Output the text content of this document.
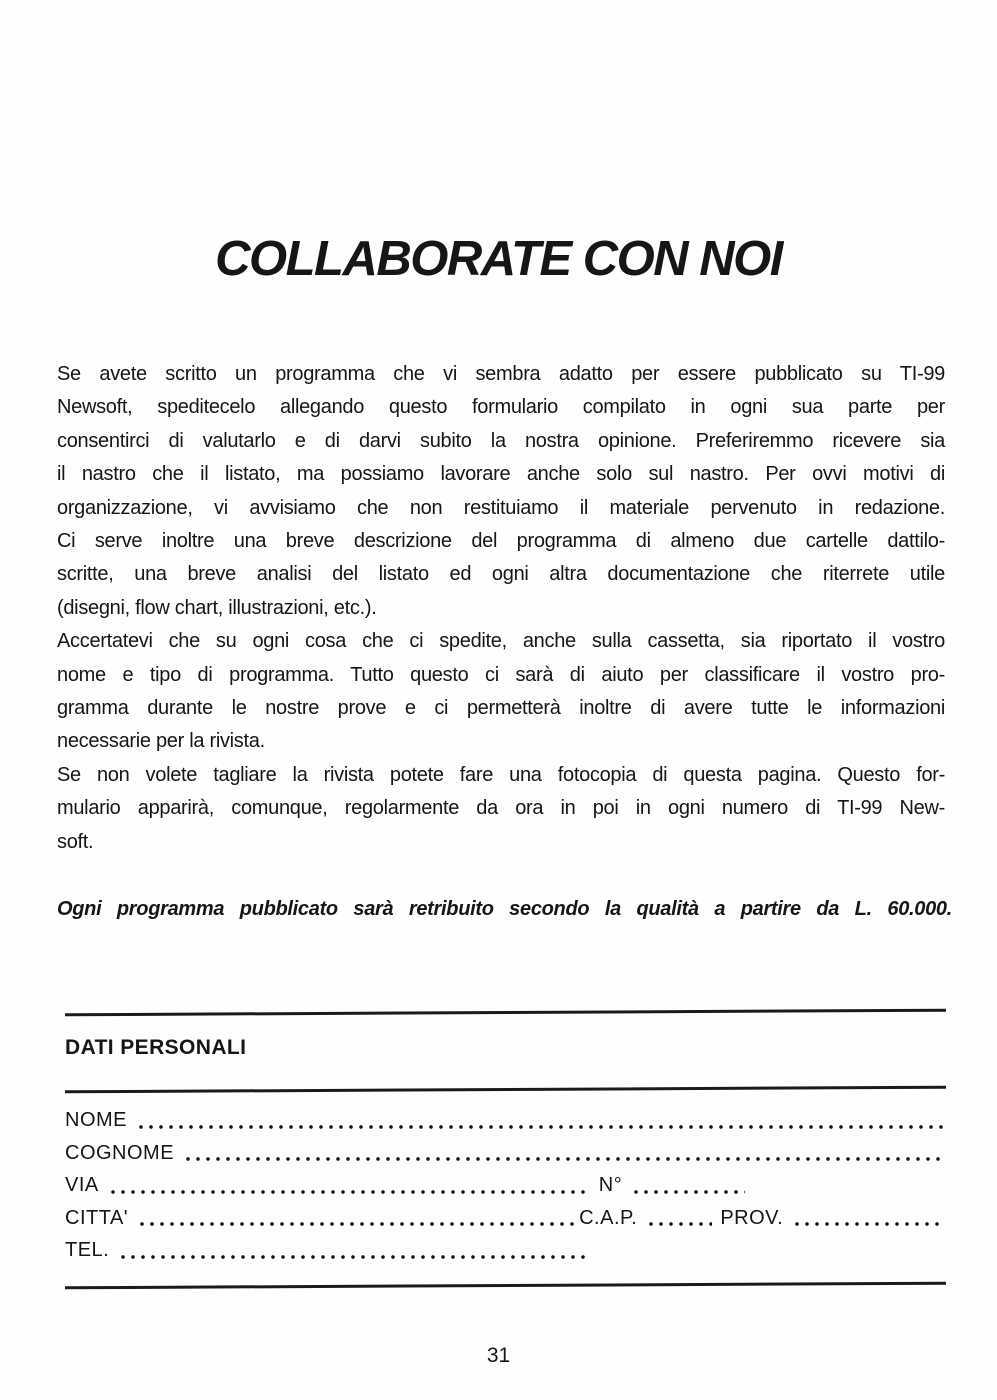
COLLABORATE CON NOI
Se avete scritto un programma che vi sembra adatto per essere pubblicato su TI-99
Newsoft, speditecelo allegando questo formulario compilato in ogni sua parte per
consentirci di valutarlo e di darvi subito la nostra opinione. Preferiremmo ricevere sia
il nastro che il listato, ma possiamo lavorare anche solo sul nastro. Per ovvi motivi di
organizzazione, vi avvisiamo che non restituiamo il materiale pervenuto in redazione.
Ci serve inoltre una breve descrizione del programma di almeno due cartelle dattilo-
scritte, una breve analisi del listato ed ogni altra documentazione che riterrete utile
(disegni, flow chart, illustrazioni, etc.).
Accertatevi che su ogni cosa che ci spedite, anche sulla cassetta, sia riportato il vostro
nome e tipo di programma. Tutto questo ci sarà di aiuto per classificare il vostro pro-
gramma durante le nostre prove e ci permetterà inoltre di avere tutte le informazioni
necessarie per la rivista.
Se non volete tagliare la rivista potete fare una fotocopia di questa pagina. Questo for-
mulario apparirà, comunque, regolarmente da ora in poi in ogni numero di TI-99 New-
soft.
Ogni programma pubblicato sarà retribuito secondo la qualità a partire da L. 60.000.
DATI PERSONALI
NOME
COGNOME
VIA	N°
CITTA'	C.A.P.	PROV.
TEL.
31
